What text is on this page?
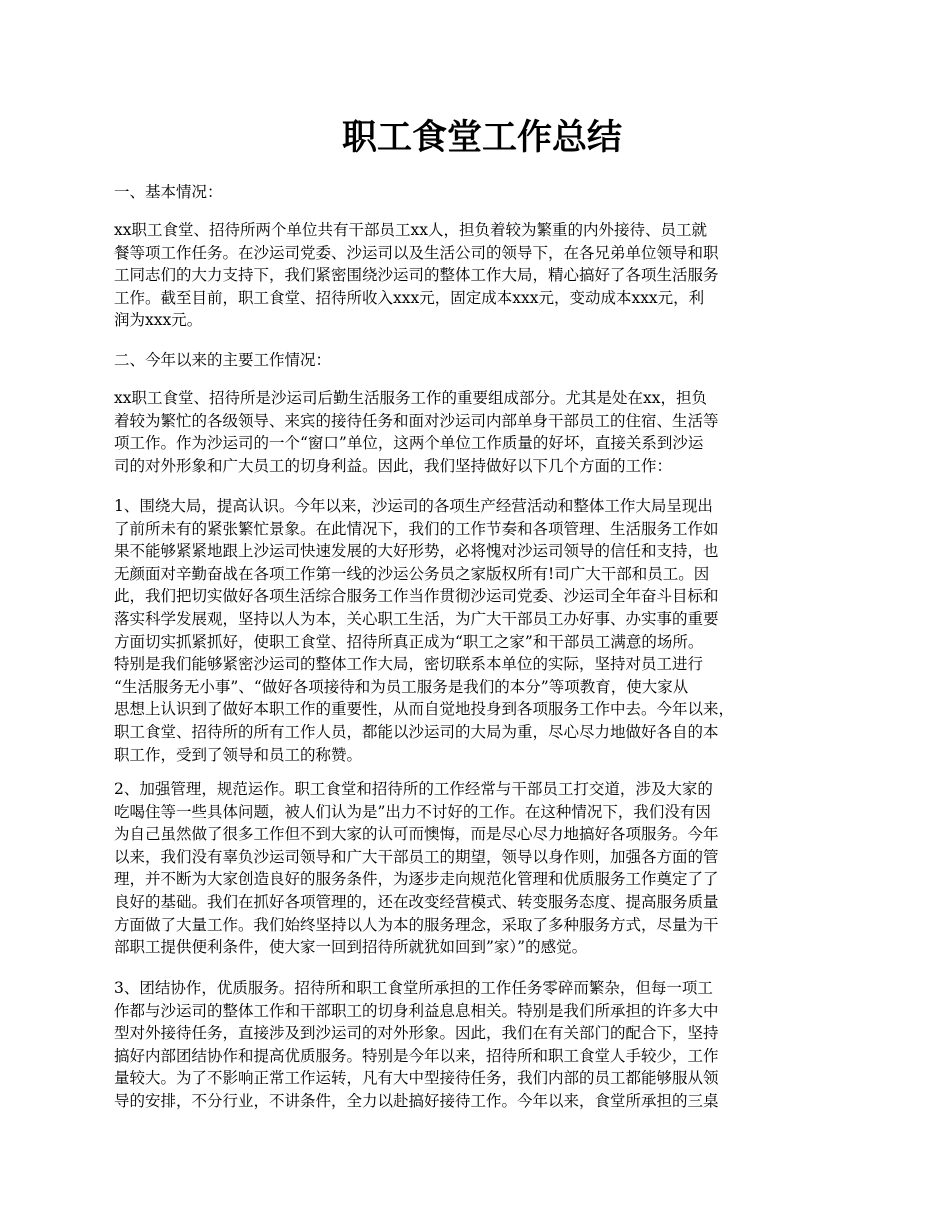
职工食堂工作总结

一、基本情况：

xx职工食堂、招待所两个单位共有干部员工xx人，担负着较为繁重的内外接待、员工就
餐等项工作任务。在沙运司党委、沙运司以及生活公司的领导下，在各兄弟单位领导和职
工同志们的大力支持下，我们紧密围绕沙运司的整体工作大局，精心搞好了各项生活服务
工作。截至目前，职工食堂、招待所收入xxx元，固定成本xxx元，变动成本xxx元，利
润为xxx元。

二、今年以来的主要工作情况：

xx职工食堂、招待所是沙运司后勤生活服务工作的重要组成部分。尤其是处在xx，担负
着较为繁忙的各级领导、来宾的接待任务和面对沙运司内部单身干部员工的住宿、生活等
项工作。作为沙运司的一个“窗口”单位，这两个单位工作质量的好坏，直接关系到沙运
司的对外形象和广大员工的切身利益。因此，我们坚持做好以下几个方面的工作：
1、围绕大局，提高认识。今年以来，沙运司的各项生产经营活动和整体工作大局呈现出
了前所未有的紧张繁忙景象。在此情况下，我们的工作节奏和各项管理、生活服务工作如
果不能够紧紧地跟上沙运司快速发展的大好形势，必将愧对沙运司领导的信任和支持，也
无颜面对辛勤奋战在各项工作第一线的沙运公务员之家版权所有!司广大干部和员工。因
此，我们把切实做好各项生活综合服务工作当作贯彻沙运司党委、沙运司全年奋斗目标和
落实科学发展观，坚持以人为本，关心职工生活，为广大干部员工办好事、办实事的重要
方面切实抓紧抓好，使职工食堂、招待所真正成为“职工之家”和干部员工满意的场所。
特别是我们能够紧密沙运司的整体工作大局，密切联系本单位的实际，坚持对员工进行
“生活服务无小事”、“做好各项接待和为员工服务是我们的本分”等项教育，使大家从
思想上认识到了做好本职工作的重要性，从而自觉地投身到各项服务工作中去。今年以来，
职工食堂、招待所的所有工作人员，都能以沙运司的大局为重，尽心尽力地做好各自的本
职工作，受到了领导和员工的称赞。
2、加强管理，规范运作。职工食堂和招待所的工作经常与干部员工打交道，涉及大家的
吃喝住等一些具体问题，被人们认为是”出力不讨好的工作。在这种情况下，我们没有因
为自己虽然做了很多工作但不到大家的认可而懊悔，而是尽心尽力地搞好各项服务。今年
以来，我们没有辜负沙运司领导和广大干部员工的期望，领导以身作则，加强各方面的管
理，并不断为大家创造良好的服务条件，为逐步走向规范化管理和优质服务工作奠定了了
良好的基础。我们在抓好各项管理的，还在改变经营模式、转变服务态度、提高服务质量
方面做了大量工作。我们始终坚持以人为本的服务理念，采取了多种服务方式，尽量为干
部职工提供便利条件，使大家一回到招待所就犹如回到”家）”的感觉。
3、团结协作，优质服务。招待所和职工食堂所承担的工作任务零碎而繁杂，但每一项工
作都与沙运司的整体工作和干部职工的切身利益息息相关。特别是我们所承担的许多大中
型对外接待任务，直接涉及到沙运司的对外形象。因此，我们在有关部门的配合下，坚持
搞好内部团结协作和提高优质服务。特别是今年以来，招待所和职工食堂人手较少，工作
量较大。为了不影响正常工作运转，凡有大中型接待任务，我们内部的员工都能够服从领
导的安排，不分行业，不讲条件，全力以赴搞好接待工作。今年以来，食堂所承担的三桌
